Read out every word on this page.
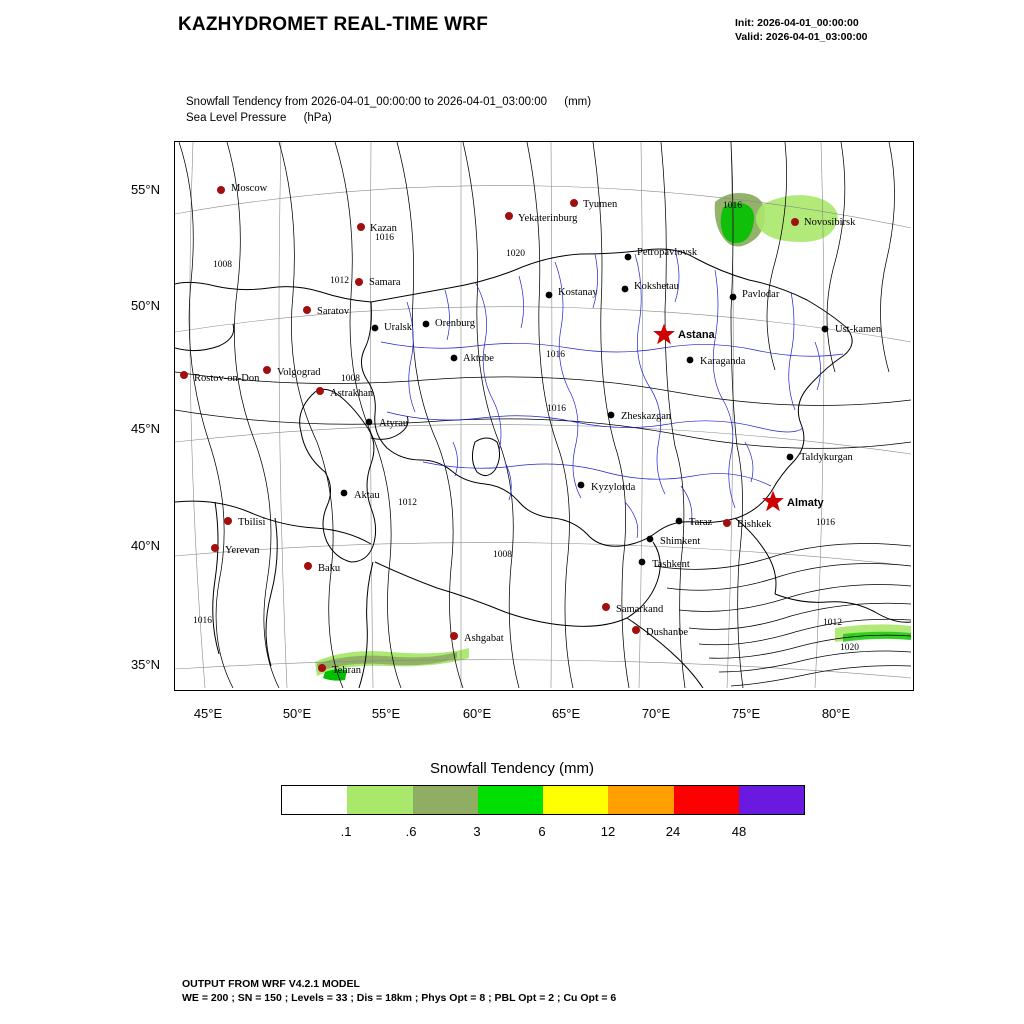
KAZHYDROMET REAL-TIME WRF	Init: 2026-04-01_00:00:00
Valid: 2026-04-01_03:00:00
Snowfall Tendency from 2026-04-01_00:00:00 to 2026-04-01_03:00:00 (mm)
Sea Level Pressure (hPa)
55°N
50°N
45°N
40°N
35°N
45°E	50°E	55°E	60°E	65°E	70°E	75°E	80°E
1008
1016
1012
1020
1016
1016
1008
1016
1012
1016
1008
1016	1012
1020
Moscow
Tyumen
Yekaterinburg	Novosibirsk
Kazan
Petropavlovsk
Kostanay
Kokshetau
Pavlodar
Samara
Saratov
Uralsk Orenburg
Astana	Ust-kamen
Aktobe	Karaganda
Rostov-on-Don
Volgograd
Astrakhan
Zheskazgan
Atyrau
Taldykurgan
Kyzylorda
Aktau
Almaty
Taraz Bishkek
Shimkent
Tbilisi
Yerevan
Tashkent
Baku
Samarkand
Dushanbe
Ashgabat
Tehran
Snowfall Tendency (mm)
.1	.6	3	6	12	24	48
OUTPUT FROM WRF V4.2.1 MODEL
WE = 200 ; SN = 150 ; Levels = 33 ; Dis = 18km ; Phys Opt = 8 ; PBL Opt = 2 ; Cu Opt = 6
